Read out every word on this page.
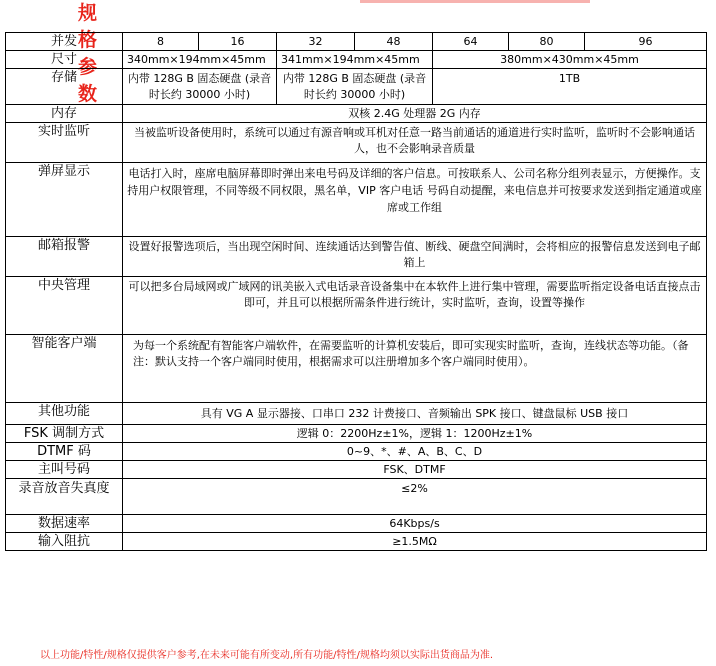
规格参数
并发	8	16	32	48	64	80	96
尺寸	340mm×194mm×45mm		341mm×194mm×45mm		380mm×430mm×45mm		
存储	内带 128G B 固态硬盘 (录音时长约 30000 小时)		内带 128G B 固态硬盘 (录音时长约 30000 小时)		1TB		
内存	双核 2.4G 处理器 2G 内存						
实时监听	当被监听设备使用时，系统可以通过有源音响或耳机对任意一路当前通话的通道进行实时监听，监听时不会影响通话人，也不会影响录音质量						
弹屏显示	电话打入时，座席电脑屏幕即时弹出来电号码及详细的客户信息。可按联系人、公司名称分组列表显示，方便操作。支持用户权限管理，不同等级不同权限，黑名单，VIP 客户电话 号码自动提醒，来电信息并可按要求发送到指定通道或座席或工作组						
邮箱报警	设置好报警选项后，当出现空闲时间、连续通话达到警告值、断线、硬盘空间满时，会将相应的报警信息发送到电子邮箱上						
中央管理	可以把多台局域网或广域网的讯美嵌入式电话录音设备集中在本软件上进行集中管理，需要监听指定设备电话直接点击即可，并且可以根据所需条件进行统计，实时监听，查询，设置等操作						
智能客户端	为每一个系统配有智能客户端软件，在需要监听的计算机安装后，即可实现实时监听，查询，连线状态等功能。（备注：默认支持一个客户端同时使用，根据需求可以注册增加多个客户端同时使用）。						
其他功能	具有 VG A 显示器接、口串口 232 计费接口、音频输出 SPK 接口、键盘鼠标 USB 接口						
FSK 调制方式	逻辑 0：2200Hz±1%，逻辑 1：1200Hz±1%						
DTMF 码	0~9、*、#、A、B、C、D						
主叫号码	FSK、DTMF						
录音放音失真度	≤2%						
数据速率	64Kbps/s						
输入阻抗	≥1.5MΩ						
以上功能/特性/规格仅提供客户参考,在未来可能有所变动,所有功能/特性/规格均须以实际出货商品为准.
